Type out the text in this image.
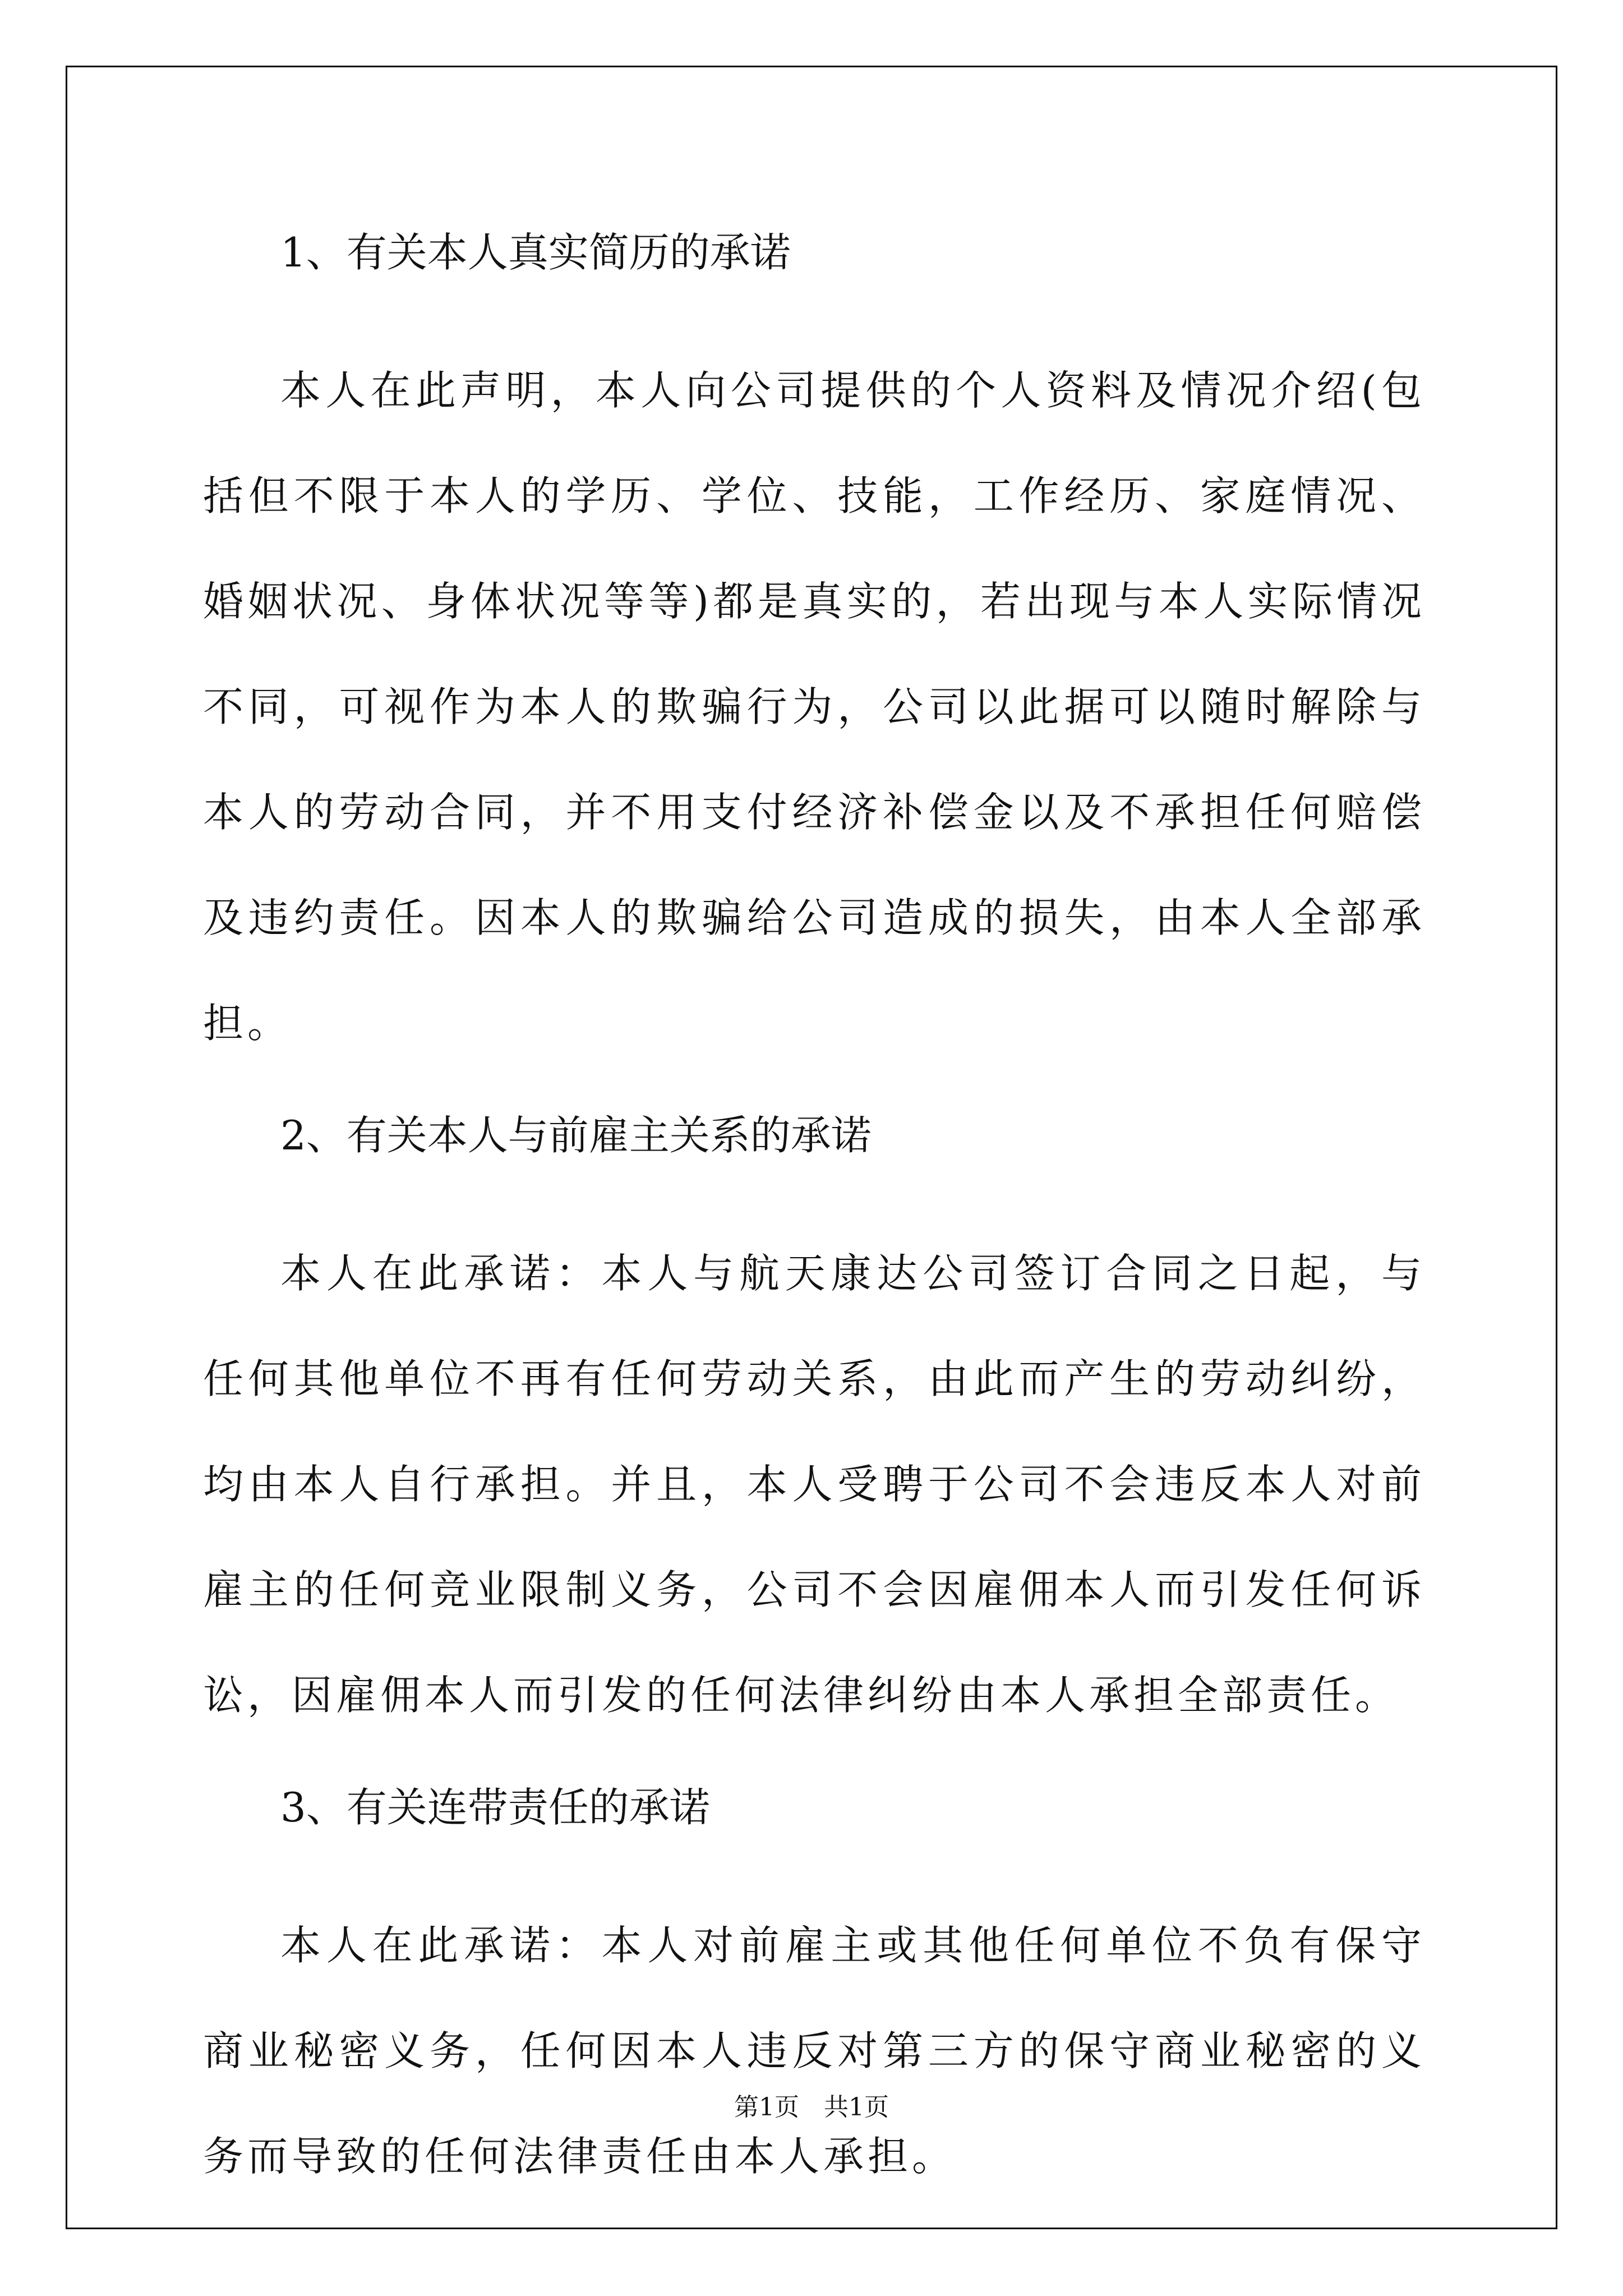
1、有关本人真实简历的承诺

本人在此声明，本人向公司提供的个人资料及情况介绍(包括但不限于本人的学历、学位、技能，工作经历、家庭情况、婚姻状况、身体状况等等)都是真实的，若出现与本人实际情况不同，可视作为本人的欺骗行为，公司以此据可以随时解除与本人的劳动合同，并不用支付经济补偿金以及不承担任何赔偿及违约责任。因本人的欺骗给公司造成的损失，由本人全部承担。

2、有关本人与前雇主关系的承诺

本人在此承诺：本人与航天康达公司签订合同之日起，与任何其他单位不再有任何劳动关系，由此而产生的劳动纠纷，均由本人自行承担。并且，本人受聘于公司不会违反本人对前雇主的任何竞业限制义务，公司不会因雇佣本人而引发任何诉讼，因雇佣本人而引发的任何法律纠纷由本人承担全部责任。

3、有关连带责任的承诺

本人在此承诺：本人对前雇主或其他任何单位不负有保守商业秘密义务，任何因本人违反对第三方的保守商业秘密的义务而导致的任何法律责任由本人承担。

第1页　共1页
